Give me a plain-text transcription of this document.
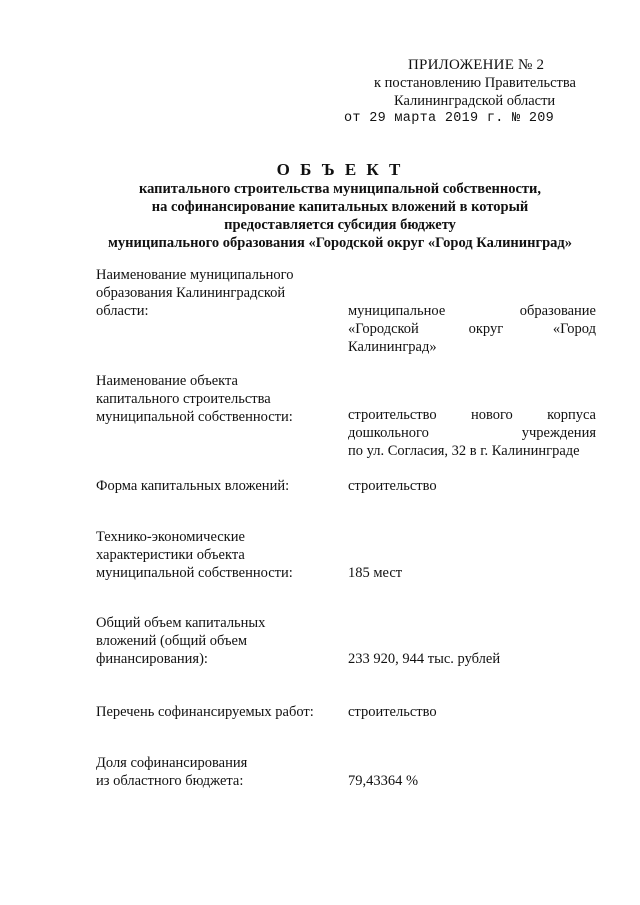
ПРИЛОЖЕНИЕ № 2
к постановлению Правительства
Калининградской области
от 29 марта 2019 г. № 209
О Б Ъ Е К Т
капитального строительства муниципальной собственности,
на софинансирование капитальных вложений в который
предоставляется субсидия бюджету
муниципального образования «Городской округ «Город Калининград»
Наименование муниципального
образования Калининградской
области:	муниципальное образование
«Городской округ «Город
Калининград»
Наименование объекта
капитального строительства
муниципальной собственности:	строительство нового корпуса
дошкольного учреждения
по ул. Согласия, 32 в г. Калининграде
Форма капитальных вложений:	строительство
Технико-экономические
характеристики объекта
муниципальной собственности:	185 мест
Общий объем капитальных
вложений (общий объем
финансирования):	233 920, 944 тыс. рублей
Перечень софинансируемых работ: строительство
Доля софинансирования
из областного бюджета:	79,43364 %
